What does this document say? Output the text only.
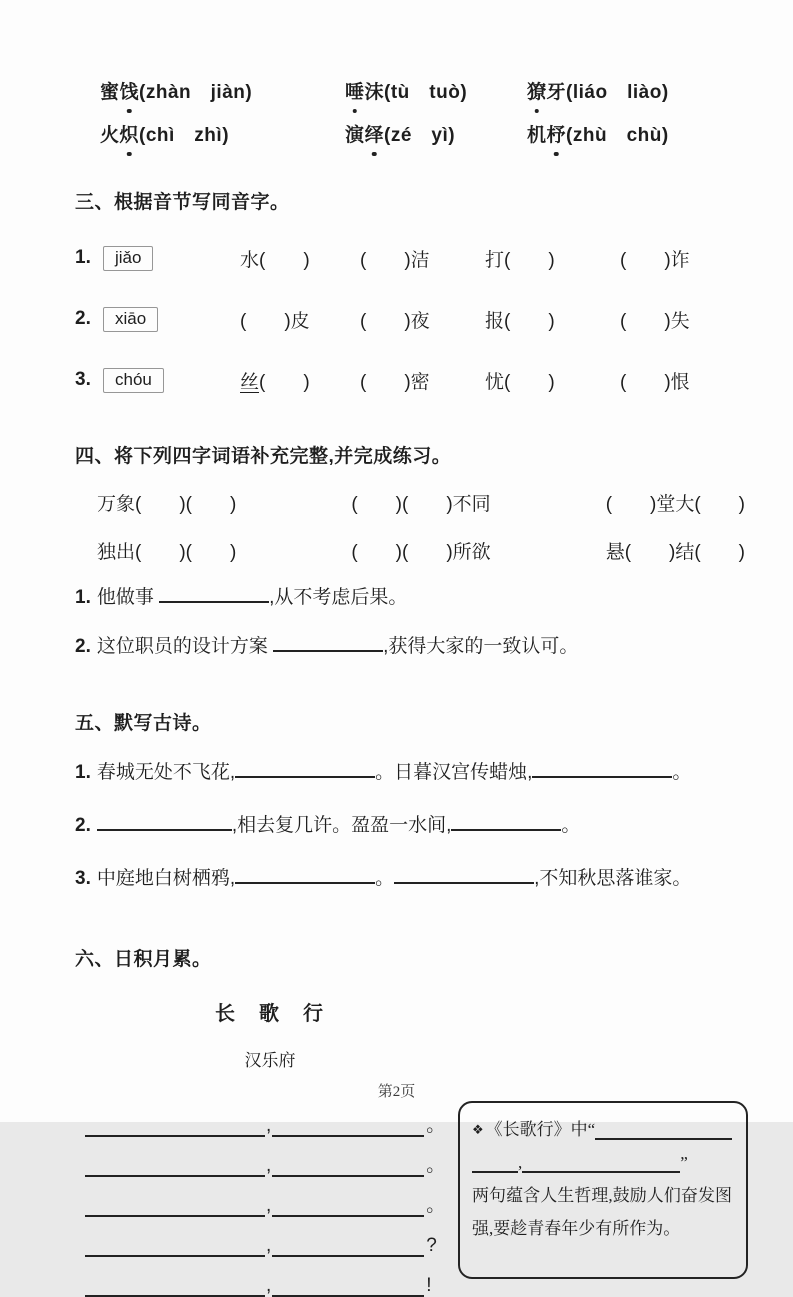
蜜饯(zhàn　jiàn)	唾沫(tù　tuò)	獠牙(liáo　liào)
火炽(chì　zhì)	演绎(zé　yì)	机杼(zhù　chù)
三、根据音节写同音字。
1.	jiǎo	水(　　)	(　　)洁	打(　　)	(　　)诈
2.	xiāo	(　　)皮	(　　)夜	报(　　)	(　　)失
3.	chóu	丝(　　)	(　　)密	忧(　　)	(　　)恨
四、将下列四字词语补充完整,并完成练习。
万象(　　)(　　)	(　　)(　　)不同	(　　)堂大(　　)
独出(　　)(　　)	(　　)(　　)所欲	悬(　　)结(　　)
1. 他做事	,从不考虑后果。
2. 这位职员的设计方案	,获得大家的一致认可。
五、默写古诗。
1. 春城无处不飞花,	。日暮汉宫传蜡烛,	。
2.	,相去复几许。盈盈一水间,	。
3. 中庭地白树栖鸦,	。	,不知秋思落谁家。
六、日积月累。
长　歌　行
汉乐府
,	。
,	。
,	。
,	?
,	!
❖ 《长歌行》中“
,	”
两句蕴含人生哲理,鼓励人们奋发图强,要趁青春年少有所作为。
第2页
